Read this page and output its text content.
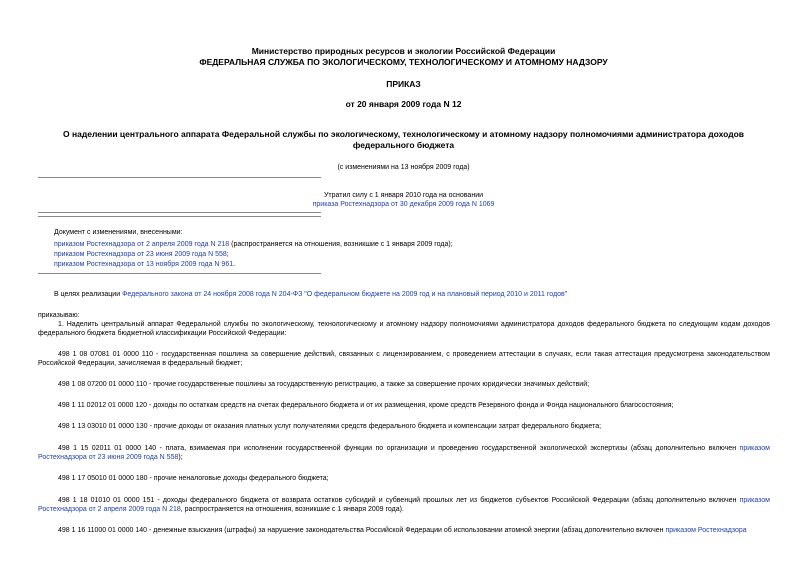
Министерство природных ресурсов и экологии Российской Федерации
ФЕДЕРАЛЬНАЯ СЛУЖБА ПО ЭКОЛОГИЧЕСКОМУ, ТЕХНОЛОГИЧЕСКОМУ И АТОМНОМУ НАДЗОРУ
ПРИКАЗ
от 20 января 2009 года N 12
О наделении центрального аппарата Федеральной службы по экологическому, технологическому и атомному надзору полномочиями администратора доходов
федерального бюджета
(с изменениями на 13 ноября 2009 года)
Утратил силу с 1 января 2010 года на основании
приказа Ростехнадзора от 30 декабря 2009 года N 1069
Документ с изменениями, внесенными:
приказом Ростехнадзора от 2 апреля 2009 года N 218 (распространяется на отношения, возникшие с 1 января 2009 года);
приказом Ростехнадзора от 23 июня 2009 года N 558;
приказом Ростехнадзора от 13 ноября 2009 года N 961.
В целях реализации Федерального закона от 24 ноября 2008 года N 204-ФЗ "О федеральном бюджете на 2009 год и на плановый период 2010 и 2011 годов"
приказываю:
1. Наделить центральный аппарат Федеральной службы по экологическому, технологическому и атомному надзору полномочиями администратора доходов федерального бюджета по следующим кодам доходов федерального бюджета бюджетной классификации Российской Федерации:
498 1 08 07081 01 0000 110 - государственная пошлина за совершение действий, связанных с лицензированием, с проведением аттестации в случаях, если такая аттестация предусмотрена законодательством Российской Федерации, зачисляемая в федеральный бюджет;
498 1 08 07200 01 0000 110 - прочие государственные пошлины за государственную регистрацию, а также за совершение прочих юридически значимых действий;
498 1 11 02012 01 0000 120 - доходы по остаткам средств на счетах федерального бюджета и от их размещения, кроме средств Резервного фонда и Фонда национального благосостояния;
498 1 13 03010 01 0000 130 - прочие доходы от оказания платных услуг получателями средств федерального бюджета и компенсации затрат федерального бюджета;
498 1 15 02011 01 0000 140 - плата, взимаемая при исполнении государственной функции по организации и проведению государственной экологической экспертизы (абзац дополнительно включен приказом Ростехнадзора от 23 июня 2009 года N 558);
498 1 17 05010 01 0000 180 - прочие неналоговые доходы федерального бюджета;
498 1 18 01010 01 0000 151 - доходы федерального бюджета от возврата остатков субсидий и субвенций прошлых лет из бюджетов субъектов Российской Федерации (абзац дополнительно включен приказом Ростехнадзора от 2 апреля 2009 года N 218, распространяется на отношения, возникшие с 1 января 2009 года).
498 1 16 11000 01 0000 140 - денежные взыскания (штрафы) за нарушение законодательства Российской Федерации об использовании атомной энергии (абзац дополнительно включен приказом Ростехнадзора
